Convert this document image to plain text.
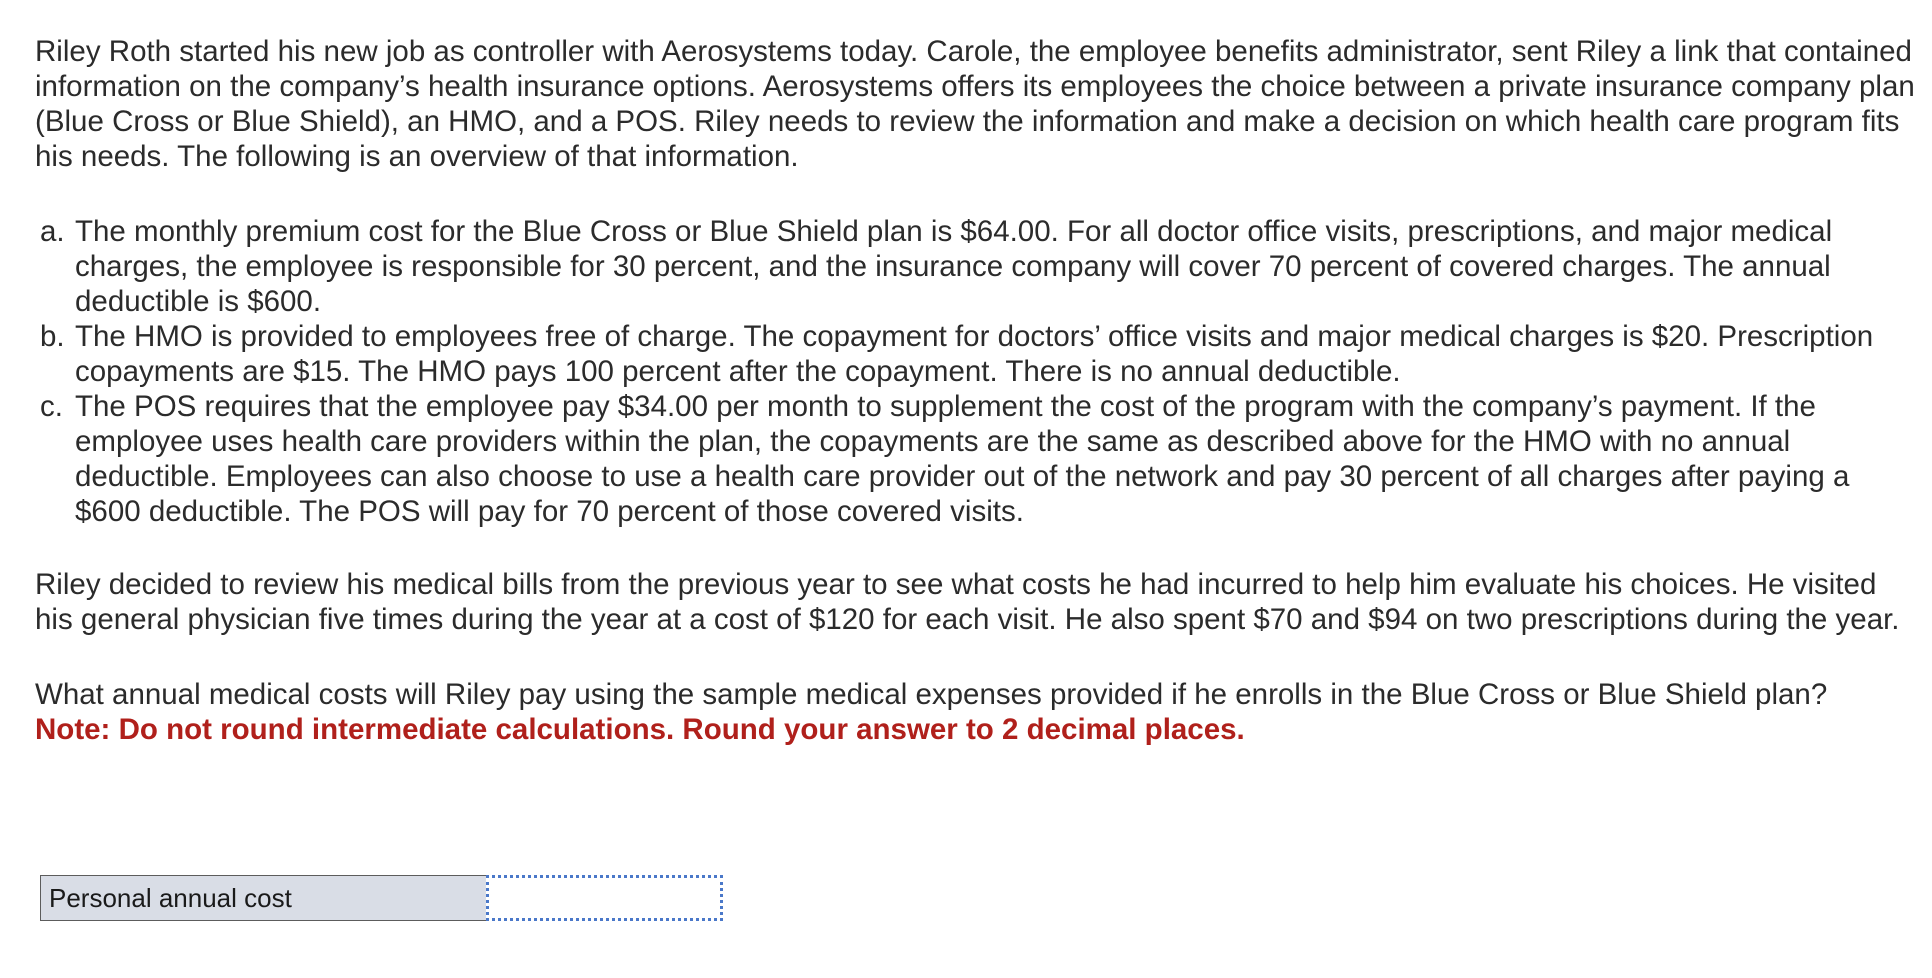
Riley Roth started his new job as controller with Aerosystems today. Carole, the employee benefits administrator, sent Riley a link that contained information on the company’s health insurance options. Aerosystems offers its employees the choice between a private insurance company plan (Blue Cross or Blue Shield), an HMO, and a POS. Riley needs to review the information and make a decision on which health care program fits his needs. The following is an overview of that information.

a. The monthly premium cost for the Blue Cross or Blue Shield plan is $64.00. For all doctor office visits, prescriptions, and major medical charges, the employee is responsible for 30 percent, and the insurance company will cover 70 percent of covered charges. The annual deductible is $600.
b. The HMO is provided to employees free of charge. The copayment for doctors’ office visits and major medical charges is $20. Prescription copayments are $15. The HMO pays 100 percent after the copayment. There is no annual deductible.
c. The POS requires that the employee pay $34.00 per month to supplement the cost of the program with the company’s payment. If the employee uses health care providers within the plan, the copayments are the same as described above for the HMO with no annual deductible. Employees can also choose to use a health care provider out of the network and pay 30 percent of all charges after paying a $600 deductible. The POS will pay for 70 percent of those covered visits.

Riley decided to review his medical bills from the previous year to see what costs he had incurred to help him evaluate his choices. He visited his general physician five times during the year at a cost of $120 for each visit. He also spent $70 and $94 on two prescriptions during the year.

What annual medical costs will Riley pay using the sample medical expenses provided if he enrolls in the Blue Cross or Blue Shield plan?

Note: Do not round intermediate calculations. Round your answer to 2 decimal places.

Personal annual cost
